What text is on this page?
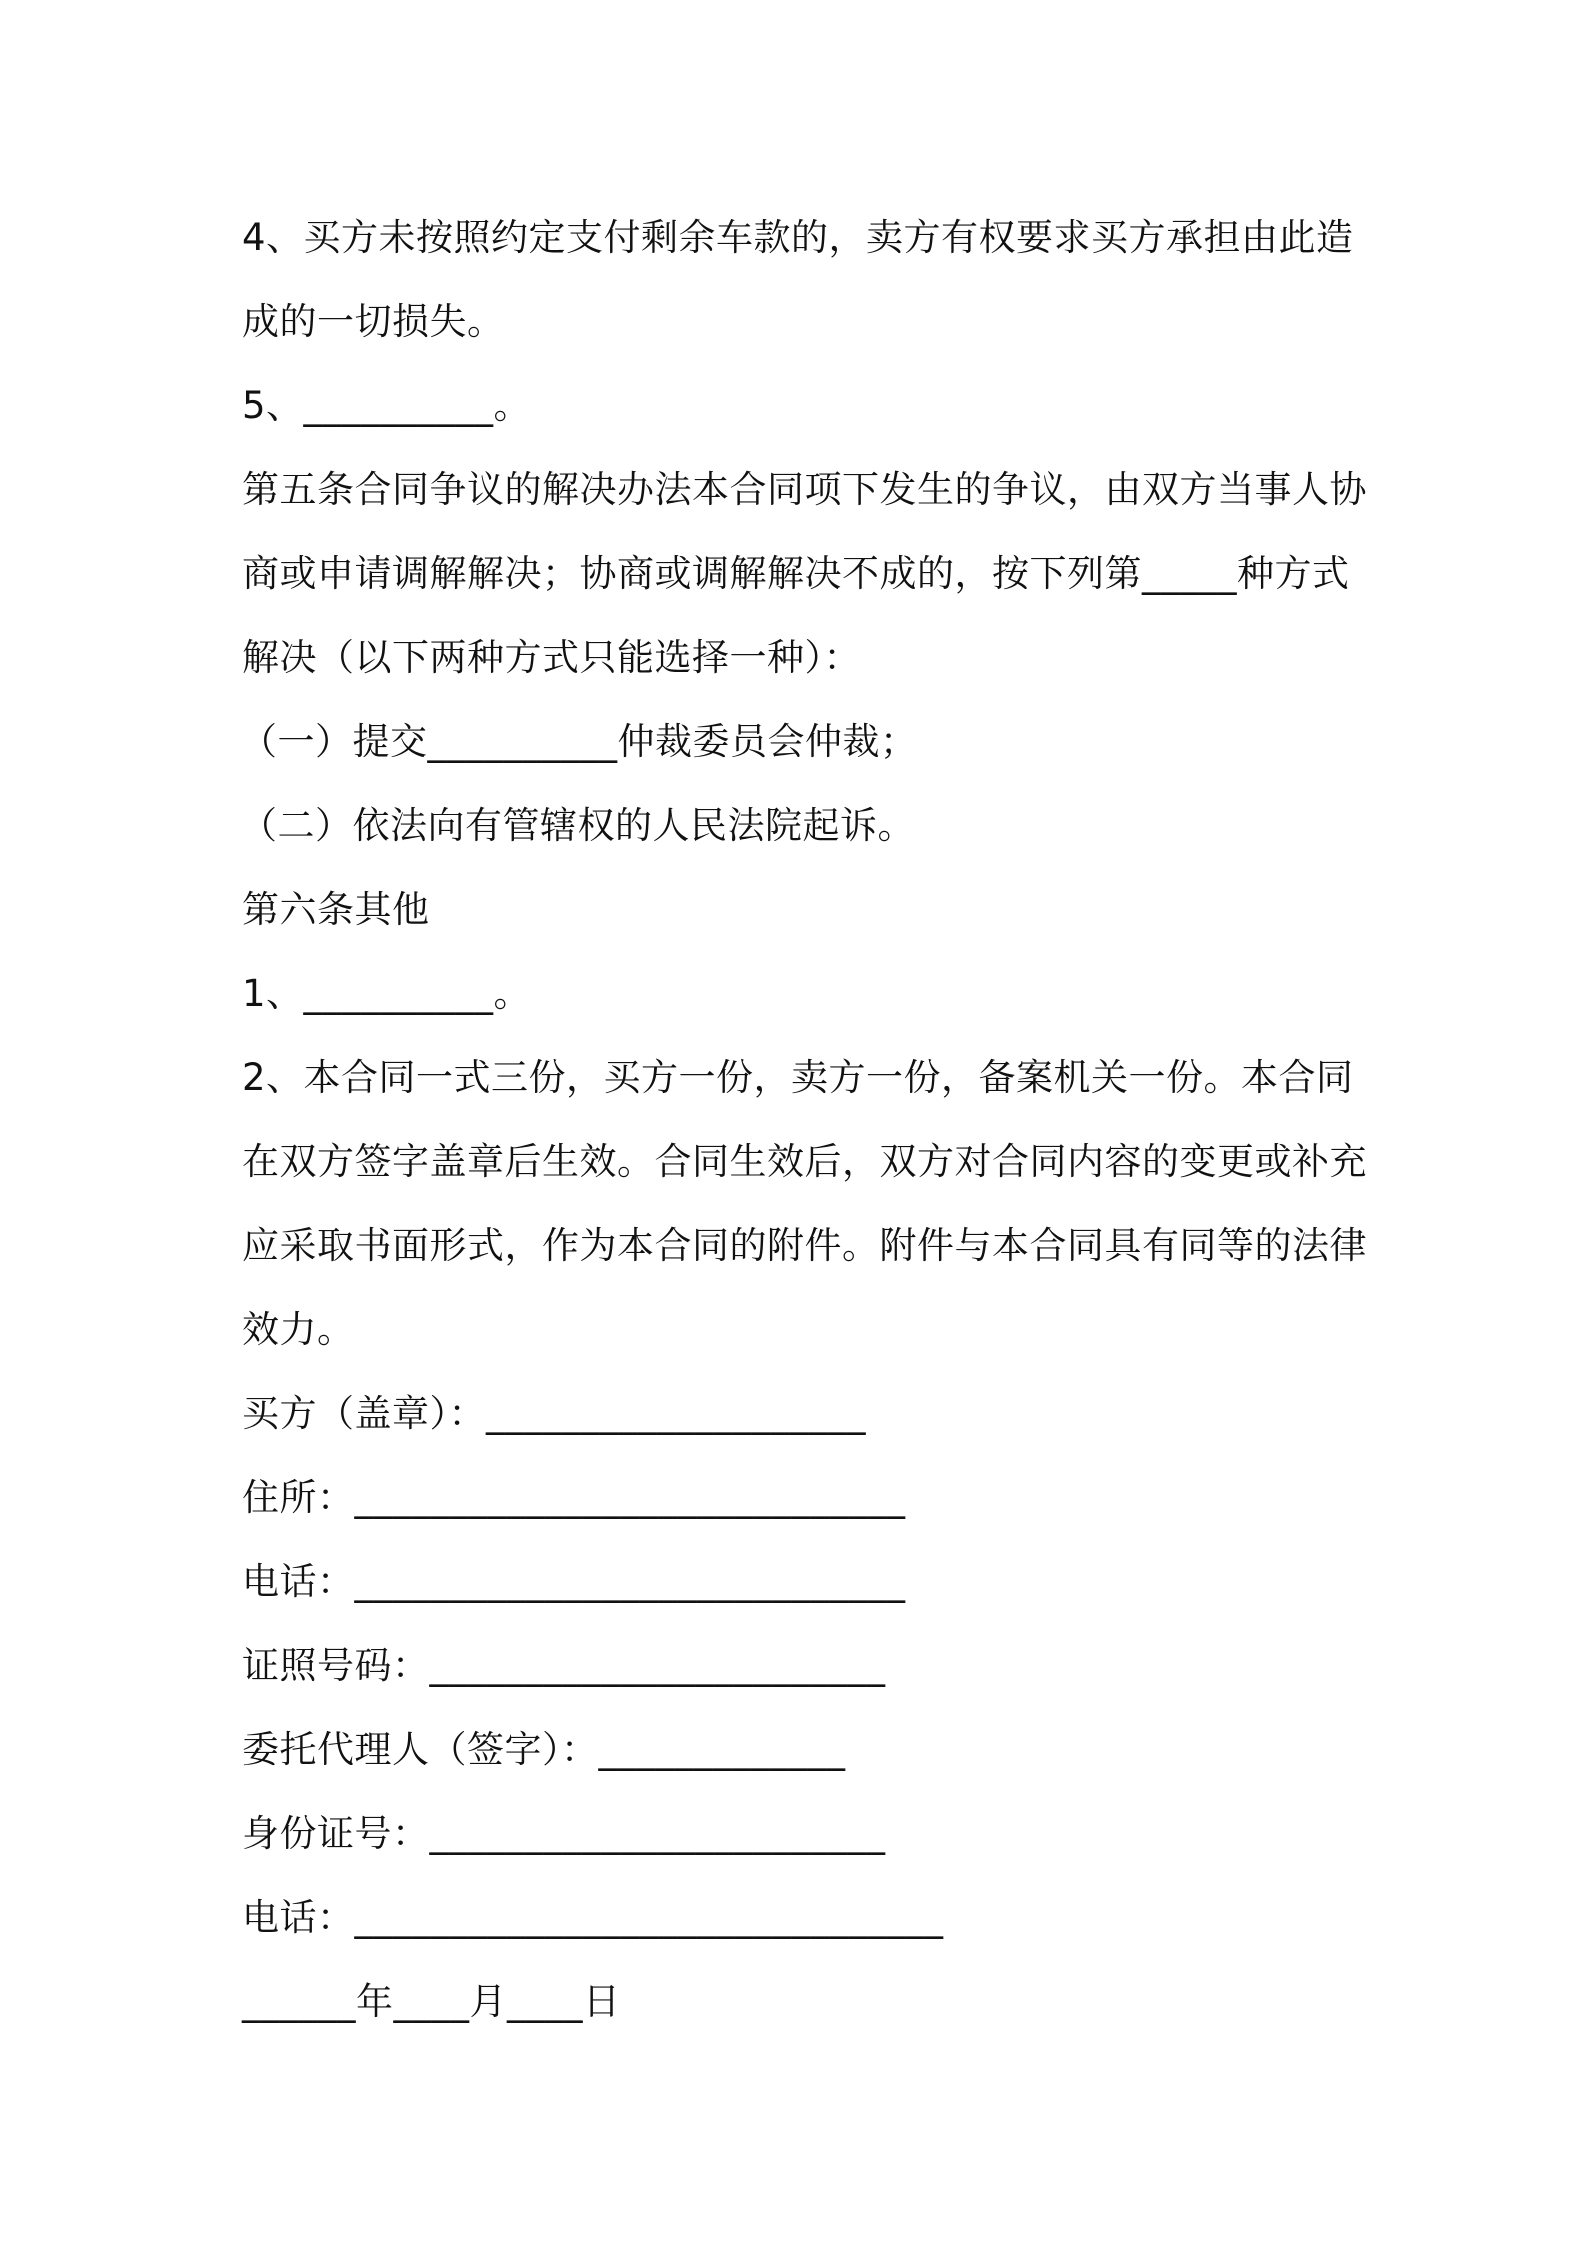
4、买方未按照约定支付剩余车款的，卖方有权要求买方承担由此造
成的一切损失。
5、__________。
第五条合同争议的解决办法本合同项下发生的争议，由双方当事人协
商或申请调解解决；协商或调解解决不成的，按下列第_____种方式
解决（以下两种方式只能选择一种）：
（一）提交__________仲裁委员会仲裁；
（二）依法向有管辖权的人民法院起诉。
第六条其他
1、__________。
2、本合同一式三份，买方一份，卖方一份，备案机关一份。本合同
在双方签字盖章后生效。合同生效后，双方对合同内容的变更或补充
应采取书面形式，作为本合同的附件。附件与本合同具有同等的法律
效力。
买方（盖章）：____________________
住所：_____________________________
电话：_____________________________
证照号码：________________________
委托代理人（签字）：_____________
身份证号：________________________
电话：_______________________________
______年____月____日
